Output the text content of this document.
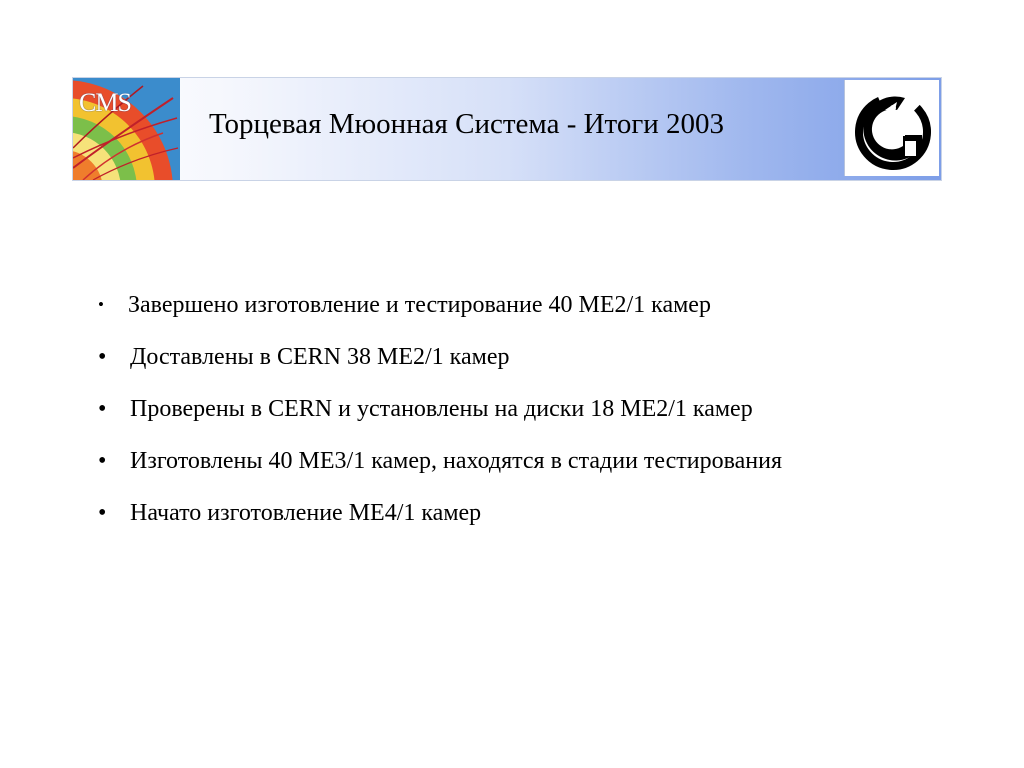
CMS
Торцевая Мюонная Система - Итоги 2003
•	Завершено изготовление и тестирование 40 МЕ2/1 камер
• Доставлены в CERN 38 МЕ2/1 камер
• Проверены в CERN и установлены на диски 18 МЕ2/1 камер
• Изготовлены 40 МЕ3/1 камер, находятся в стадии тестирования
• Начато изготовление МЕ4/1 камер
